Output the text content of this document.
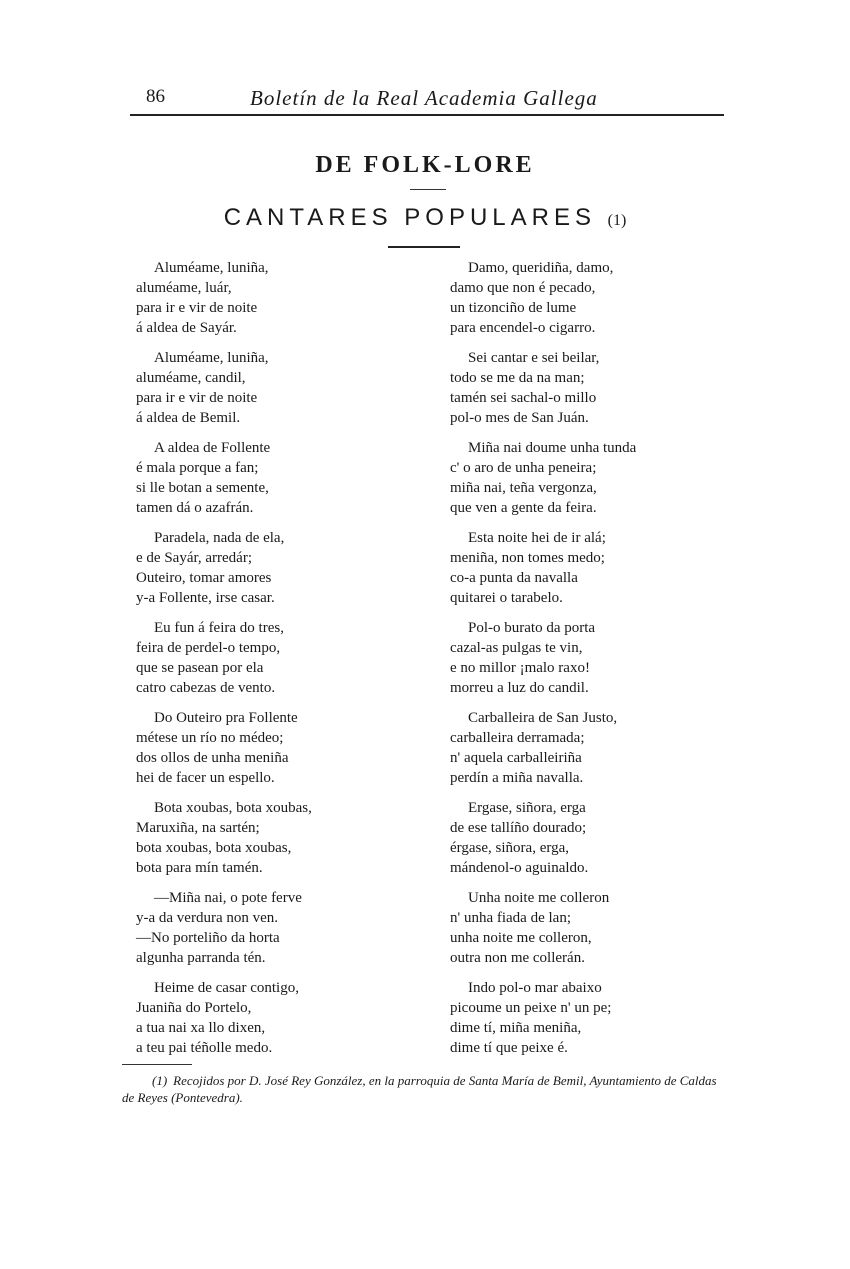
86	Boletín de la Real Academia Gallega
DE FOLK-LORE
CANTARES POPULARES (1)
Aluméame, luniña,
aluméame, luár,
para ir e vir de noite
á aldea de Sayár.
Aluméame, luniña,
aluméame, candil,
para ir e vir de noite
á aldea de Bemil.
A aldea de Follente
é mala porque a fan;
si lle botan a semente,
tamen dá o azafrán.
Paradela, nada de ela,
e de Sayár, arredár;
Outeiro, tomar amores
y-a Follente, irse casar.
Eu fun á feira do tres,
feira de perdel-o tempo,
que se pasean por ela
catro cabezas de vento.
Do Outeiro pra Follente
métese un río no médeo;
dos ollos de unha meniña
hei de facer un espello.
Bota xoubas, bota xoubas,
Maruxiña, na sartén;
bota xoubas, bota xoubas,
bota para mín tamén.
—Miña nai, o pote ferve
y-a da verdura non ven.
—No porteliño da horta
algunha parranda tén.
Heime de casar contigo,
Juaniña do Portelo,
a tua nai xa llo dixen,
a teu pai téñolle medo.
Damo, queridiña, damo,
damo que non é pecado,
un tizonciño de lume
para encendel-o cigarro.
Sei cantar e sei beilar,
todo se me da na man;
tamén sei sachal-o millo
pol-o mes de San Juán.
Miña nai doume unha tunda
c' o aro de unha peneira;
miña nai, teña vergonza,
que ven a gente da feira.
Esta noite hei de ir alá;
meniña, non tomes medo;
co-a punta da navalla
quitarei o tarabelo.
Pol-o burato da porta
cazal-as pulgas te vin,
e no millor ¡malo raxo!
morreu a luz do candil.
Carballeira de San Justo,
carballeira derramada;
n' aquela carballeiriña
perdín a miña navalla.
Ergase, siñora, erga
de ese tallíño dourado;
érgase, siñora, erga,
mándenol-o aguinaldo.
Unha noite me colleron
n' unha fiada de lan;
unha noite me colleron,
outra non me collerán.
Indo pol-o mar abaixo
picoume un peixe n' un pe;
dime tí, miña meniña,
dime tí que peixe é.
(1) Recojidos por D. José Rey González, en la parroquia de Santa María de Bemil, Ayuntamiento de Caldas de Reyes (Pontevedra).
